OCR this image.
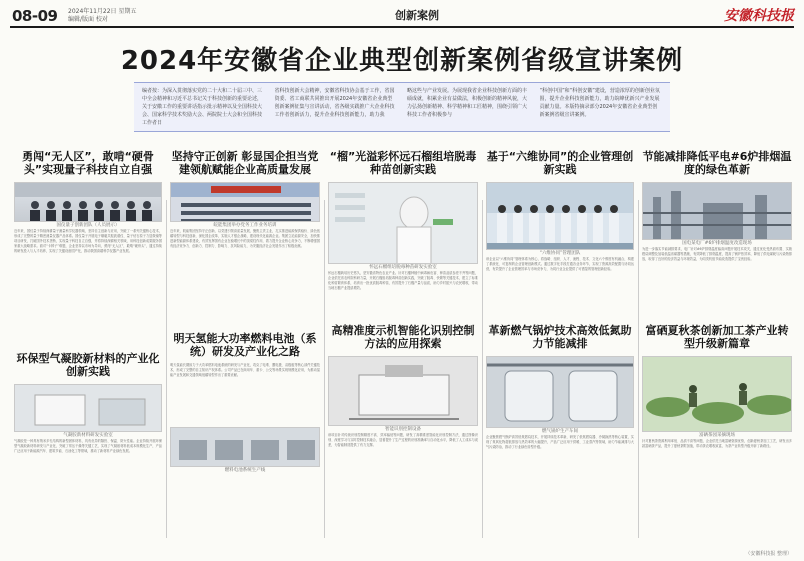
08-09 2024年11月22日 星期五
编辑/版面 校对	创新案例	安徽科技报
2024年安徽省企业典型创新案例省级宣讲案例

编者按：为深入贯彻落实党的二十大和二十届三中、三中全会精神和习近平总书记关于科技创新的重要论述，关于安徽工作的重要讲话指示批示精神以及全国科技大会、国家科学技术奖励大会、两院院士大会和全国科技工作者日

省科技创新大会精神，安徽省科技协会基于工作，省国资委、省工商联共同推出开展2024年安徽省企业典型创新案例征集与宣讲活动，省各级实践推广大企业科技工作者创新活力，提升企业科技创新能力，助力我

略这些与产业发展。为展现我省企业科技创新方面的丰硕成就，积累企业有益做法，积极创新的精神风貌，大力弘扬创新精神、科学精神和工匠精神，围绕引领广大科技工作者积极参与

“科创中国”和“科创安徽”建设，营造浓厚的创新创业氛围，提升企业科技创新能力，助力皖峰优新兴产业发展贡献力量。本版特摘录部分2024年安徽省企业典型创新案例省级宣讲案例。

勇闯“无人区”，敢啃“硬骨头”实现量子科技自立自强
国仪量子创新团队（人员展示）
近年来，国仪量子持续深耕量子测量科学仪器领域，坚持自主创新与应用，突破了一系列关键核心技术，形成了完整的量子精密测量仪器产品体系。国仪量子开展电子顺磁共振波谱仪、量子钻石原子力显微镜等项目研发，打破国外技术垄断，实现量子科技自立自强，并将持续深耕相关领域，用科技创新成果服务国家重大战略需求。面对“卡脖子”难题，企业坚持以市场为导向，勇闯“无人区”，敢啃“硬骨头”，通过持续的研发投入与人才培养，实现了关键设备国产化，推动我国高端科学仪器产业发展。
坚持守正创新 彰显国企担当党建领航赋能企业高质量发展
皖能集团举办党务工作业务培训
近年来，皖能集团坚持守正创新，以党建引领高质量发展，聚焦主责主业，扎实推进能源保供稳价、绿色低碳转型与科技创新，深化国企改革，实施人才强企战略，建设现代化能源企业。集团立足能源安全，加快推进新型能源体系建设，有效发挥国有企业在稳增长中的顶梁柱作用，着力提升企业核心竞争力，不断增强国有经济竞争力、创新力、控制力、影响力、抗风险能力，为安徽经济社会发展作出了积极贡献。
“榴”光溢彩怀远石榴组培脱毒种苗创新实践
怀远石榴组培脱毒种苗研发实验室
怀远石榴栽培历史悠久，是安徽省特色农业产业。针对石榴种植中病毒病危害、种苗品质参差不齐等问题，企业依托省农科院科研力量，开展石榴组培脱毒种苗创新实践，突破了脱毒、快繁等关键技术，建立了标准化种苗繁育体系，培育出一批优质脱毒种苗，有效提升了石榴产量与品质，助力乡村振兴与农民增收，带动当地石榴产业提质增效。
基于“六维协同”的企业管理创新实践
“六维协同”管理团队
该企业以“六维协同”管理体系为核心，将战略、组织、人才、流程、技术、文化六个维度有机融合，构建了系统化、可复制的企业管理创新模式。通过数字化手段打通各业务环节，实现了资源高效配置与协同运营，有效提升了企业管理效率与市场竞争力，为同行业企业提供了可借鉴的管理创新经验。
节能减排降低平电#6炉排烟温度的绿色革新
国电某电厂#6炉排烟温度改造现场
为进一步落实节能减排要求，电厂针对#6炉排烟温度偏高问题开展技术攻关，通过优化受热面布置、实施燃烧调整及加装低温省煤器等措施，有效降低了排烟温度，提高了锅炉热效率，降低了供电煤耗与污染物排放，取得了良好的经济效益与环境效益，为同类机组节能改造提供了宝贵经验。
环保型气凝胶新材料的产业化创新实践
气凝胶新材料研发实验室
气凝胶是一种具有纳米多孔结构的新型固体材料，具有优异的隔热、保温、防火性能。企业持续开展环保型气凝胶新材料研发与产业化，突破了常压干燥等关键工艺，实现了气凝胶材料低成本规模化生产，产品广泛应用于新能源汽车、建筑节能、石油化工等领域，推动了新材料产业绿色发展。
明天氢能大功率燃料电池（系统）研发及产业化之路
明天氢能长期致力于大功率燃料电池系统的研发与产业化，攻克了电堆、膜电极、双极板等核心部件关键技术，形成了完整的自主知识产权体系。公司产品已在商用车、重卡、公交等场景实现规模化应用，为推动氢能产业发展和交通领域低碳转型作出了重要贡献。
燃料电池系统生产线
高精准度示机智能化识别控制方法的应用探索
智能识别控制设备
该项目针对传统识别控制精度不高、效率偏低等问题，研发了高精准度智能化识别控制方法，通过图像识别、深度学习与实时控制技术融合，显著提升了生产过程的识别准确率与自动化水平，降低了人工成本与误差，为智能制造提供了有力支撑。
革新燃气锅炉技术高效低氮助力节能减排
燃气锅炉生产车间
企业聚焦燃气锅炉高效低氮燃烧技术，开展持续技术革新，研发了低氮燃烧器、冷凝换热等核心装置，实现了氮氧化物超低排放与热效率的大幅提升，产品广泛应用于供暖、工业蒸汽等领域，助力节能减排与大气污染防治，推动了行业绿色转型升级。
富硒夏秋茶创新加工茶产业转型升级新篇章
富硒茶园采摘现场
针对夏秋茶资源利用率低、品质不高等问题，企业依托当地富硒资源优势，创新夏秋茶加工工艺，研发出多款富硒茶产品，提升了夏秋茶附加值，带动茶农增收致富，为茶产业转型升级开辟了新路径。
（安徽科技报 整理）
